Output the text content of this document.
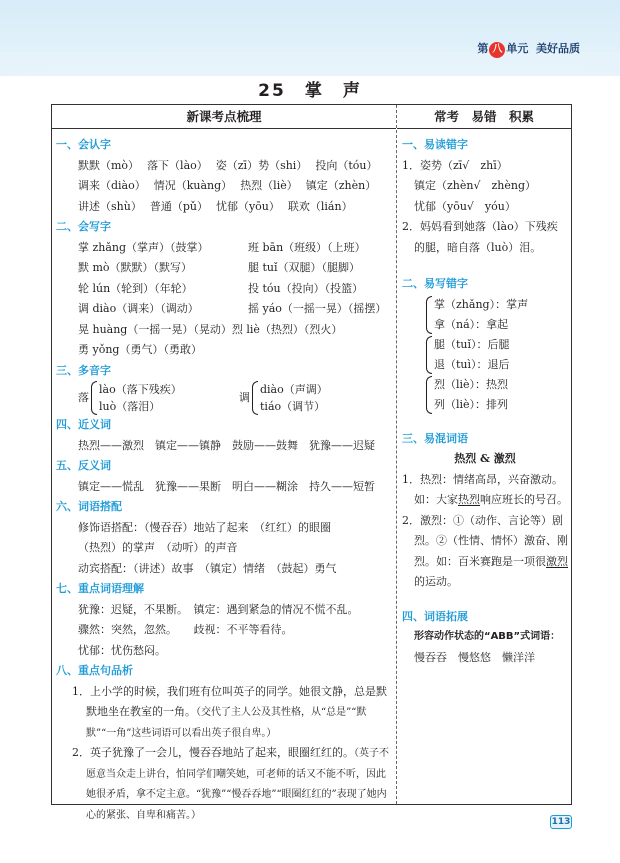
第 八 单元 美好品质
25　掌　声
新课考点梳理	常考　易错　积累
一、会认字
默默（mò） 落下（lào） 姿（zī）势（shi） 投向（tóu）
调来（diào） 情况（kuàng） 热烈（liè） 镇定（zhèn）
讲述（shù） 普通（pǔ） 忧郁（yōu） 联欢（lián）
二、会写字
掌 zhǎng（掌声）（鼓掌）	班 bān（班级）（上班）
默 mò（默默）（默写）	腿 tuǐ（双腿）（腿脚）
轮 lún（轮到）（年轮）	投 tóu（投向）（投篮）
调 diào（调来）（调动）	摇 yáo（一摇一晃）（摇摆）
晃 huàng（一摇一晃）（晃动）烈 liè（热烈）（烈火）
勇 yǒng（勇气）（勇敢）
三、多音字
落
lào（落下残疾）
luò（落泪）
调
diào（声调）
tiáo（调节）
四、近义词
热烈——激烈　镇定——镇静　鼓励——鼓舞　犹豫——迟疑
五、反义词
镇定——慌乱　犹豫——果断　明白——糊涂　持久——短暂
六、词语搭配
修饰语搭配：（慢吞吞）地站了起来　（红红）的眼圈
（热烈）的掌声　（动听）的声音
动宾搭配：（讲述）故事　（镇定）情绪　（鼓起）勇气
七、重点词语理解
犹豫：迟疑，不果断。　镇定：遇到紧急的情况不慌不乱。
骤然：突然，忽然。　　歧视：不平等看待。
忧郁：忧伤愁闷。
八、重点句品析
1．上小学的时候，我们班有位叫英子的同学。她很文静，总是默默地坐在教室的一角。（交代了主人公及其性格，从“总是”“默默”“一角”这些词语可以看出英子很自卑。）
2．英子犹豫了一会儿，慢吞吞地站了起来，眼圈红红的。（英子不愿意当众走上讲台，怕同学们嘲笑她，可老师的话又不能不听，因此她很矛盾，拿不定主意。“犹豫”“慢吞吞地”“眼圈红红的”表现了她内心的紧张、自卑和痛苦。）
一、易读错字
1．姿势（zī√　zhī）
镇定（zhèn√　zhèng）
忧郁（yōu√　yóu）
2．妈妈看到她落（lào）下残疾的腿，暗自落（luò）泪。
二、易写错字
掌（zhǎng）：掌声
拿（ná）：拿起
腿（tuǐ）：后腿
退（tuì）：退后
烈（liè）：热烈
列（liè）：排列
三、易混词语
热烈 & 激烈
1．热烈：情绪高昂，兴奋激动。如：大家热烈响应班长的号召。
2．激烈：①（动作、言论等）剧烈。②（性情、情怀）激奋、刚烈。如：百米赛跑是一项很激烈的运动。
四、词语拓展
形容动作状态的“ABB”式词语：
慢吞吞　慢悠悠　懒洋洋
113
